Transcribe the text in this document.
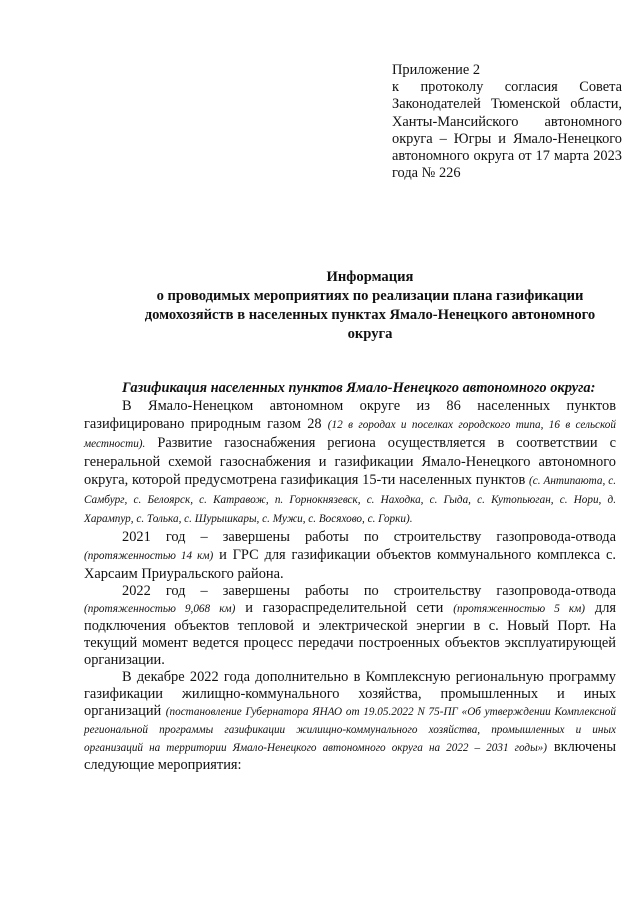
Приложение 2
к протоколу согласия Совета Законодателей Тюменской области, Ханты-Мансийского автономного округа – Югры и Ямало-Ненецкого автономного округа от 17 марта 2023 года № 226
Информация
о проводимых мероприятиях по реализации плана газификации
домохозяйств в населенных пунктах Ямало-Ненецкого автономного
округа

Газификация населенных пунктов Ямало-Ненецкого автономного округа:

В Ямало-Ненецком автономном округе из 86 населенных пунктов газифицировано природным газом 28 (12 в городах и поселках городского типа, 16 в сельской местности). Развитие газоснабжения региона осуществляется в соответствии с генеральной схемой газоснабжения и газификации Ямало-Ненецкого автономного округа, которой предусмотрена газификация 15-ти населенных пунктов (с. Антипаюта, с. Самбург, с. Белоярск, с. Катравож, п. Горнокнязевск, с. Находка, с. Гыда, с. Кутопьюган, с. Нори, д. Харампур, с. Толька, с. Шурышкары, с. Мужи, с. Восяхово, с. Горки).

2021 год – завершены работы по строительству газопровода-отвода (протяженностью 14 км) и ГРС для газификации объектов коммунального комплекса с. Харсаим Приуральского района.

2022 год – завершены работы по строительству газопровода-отвода (протяженностью 9,068 км) и газораспределительной сети (протяженностью 5 км) для подключения объектов тепловой и электрической энергии в с. Новый Порт. На текущий момент ведется процесс передачи построенных объектов эксплуатирующей организации.

В декабре 2022 года дополнительно в Комплексную региональную программу газификации жилищно-коммунального хозяйства, промышленных и иных организаций (постановление Губернатора ЯНАО от 19.05.2022 N 75-ПГ «Об утверждении Комплексной региональной программы газификации жилищно-коммунального хозяйства, промышленных и иных организаций на территории Ямало-Ненецкого автономного округа на 2022 – 2031 годы») включены следующие мероприятия:
